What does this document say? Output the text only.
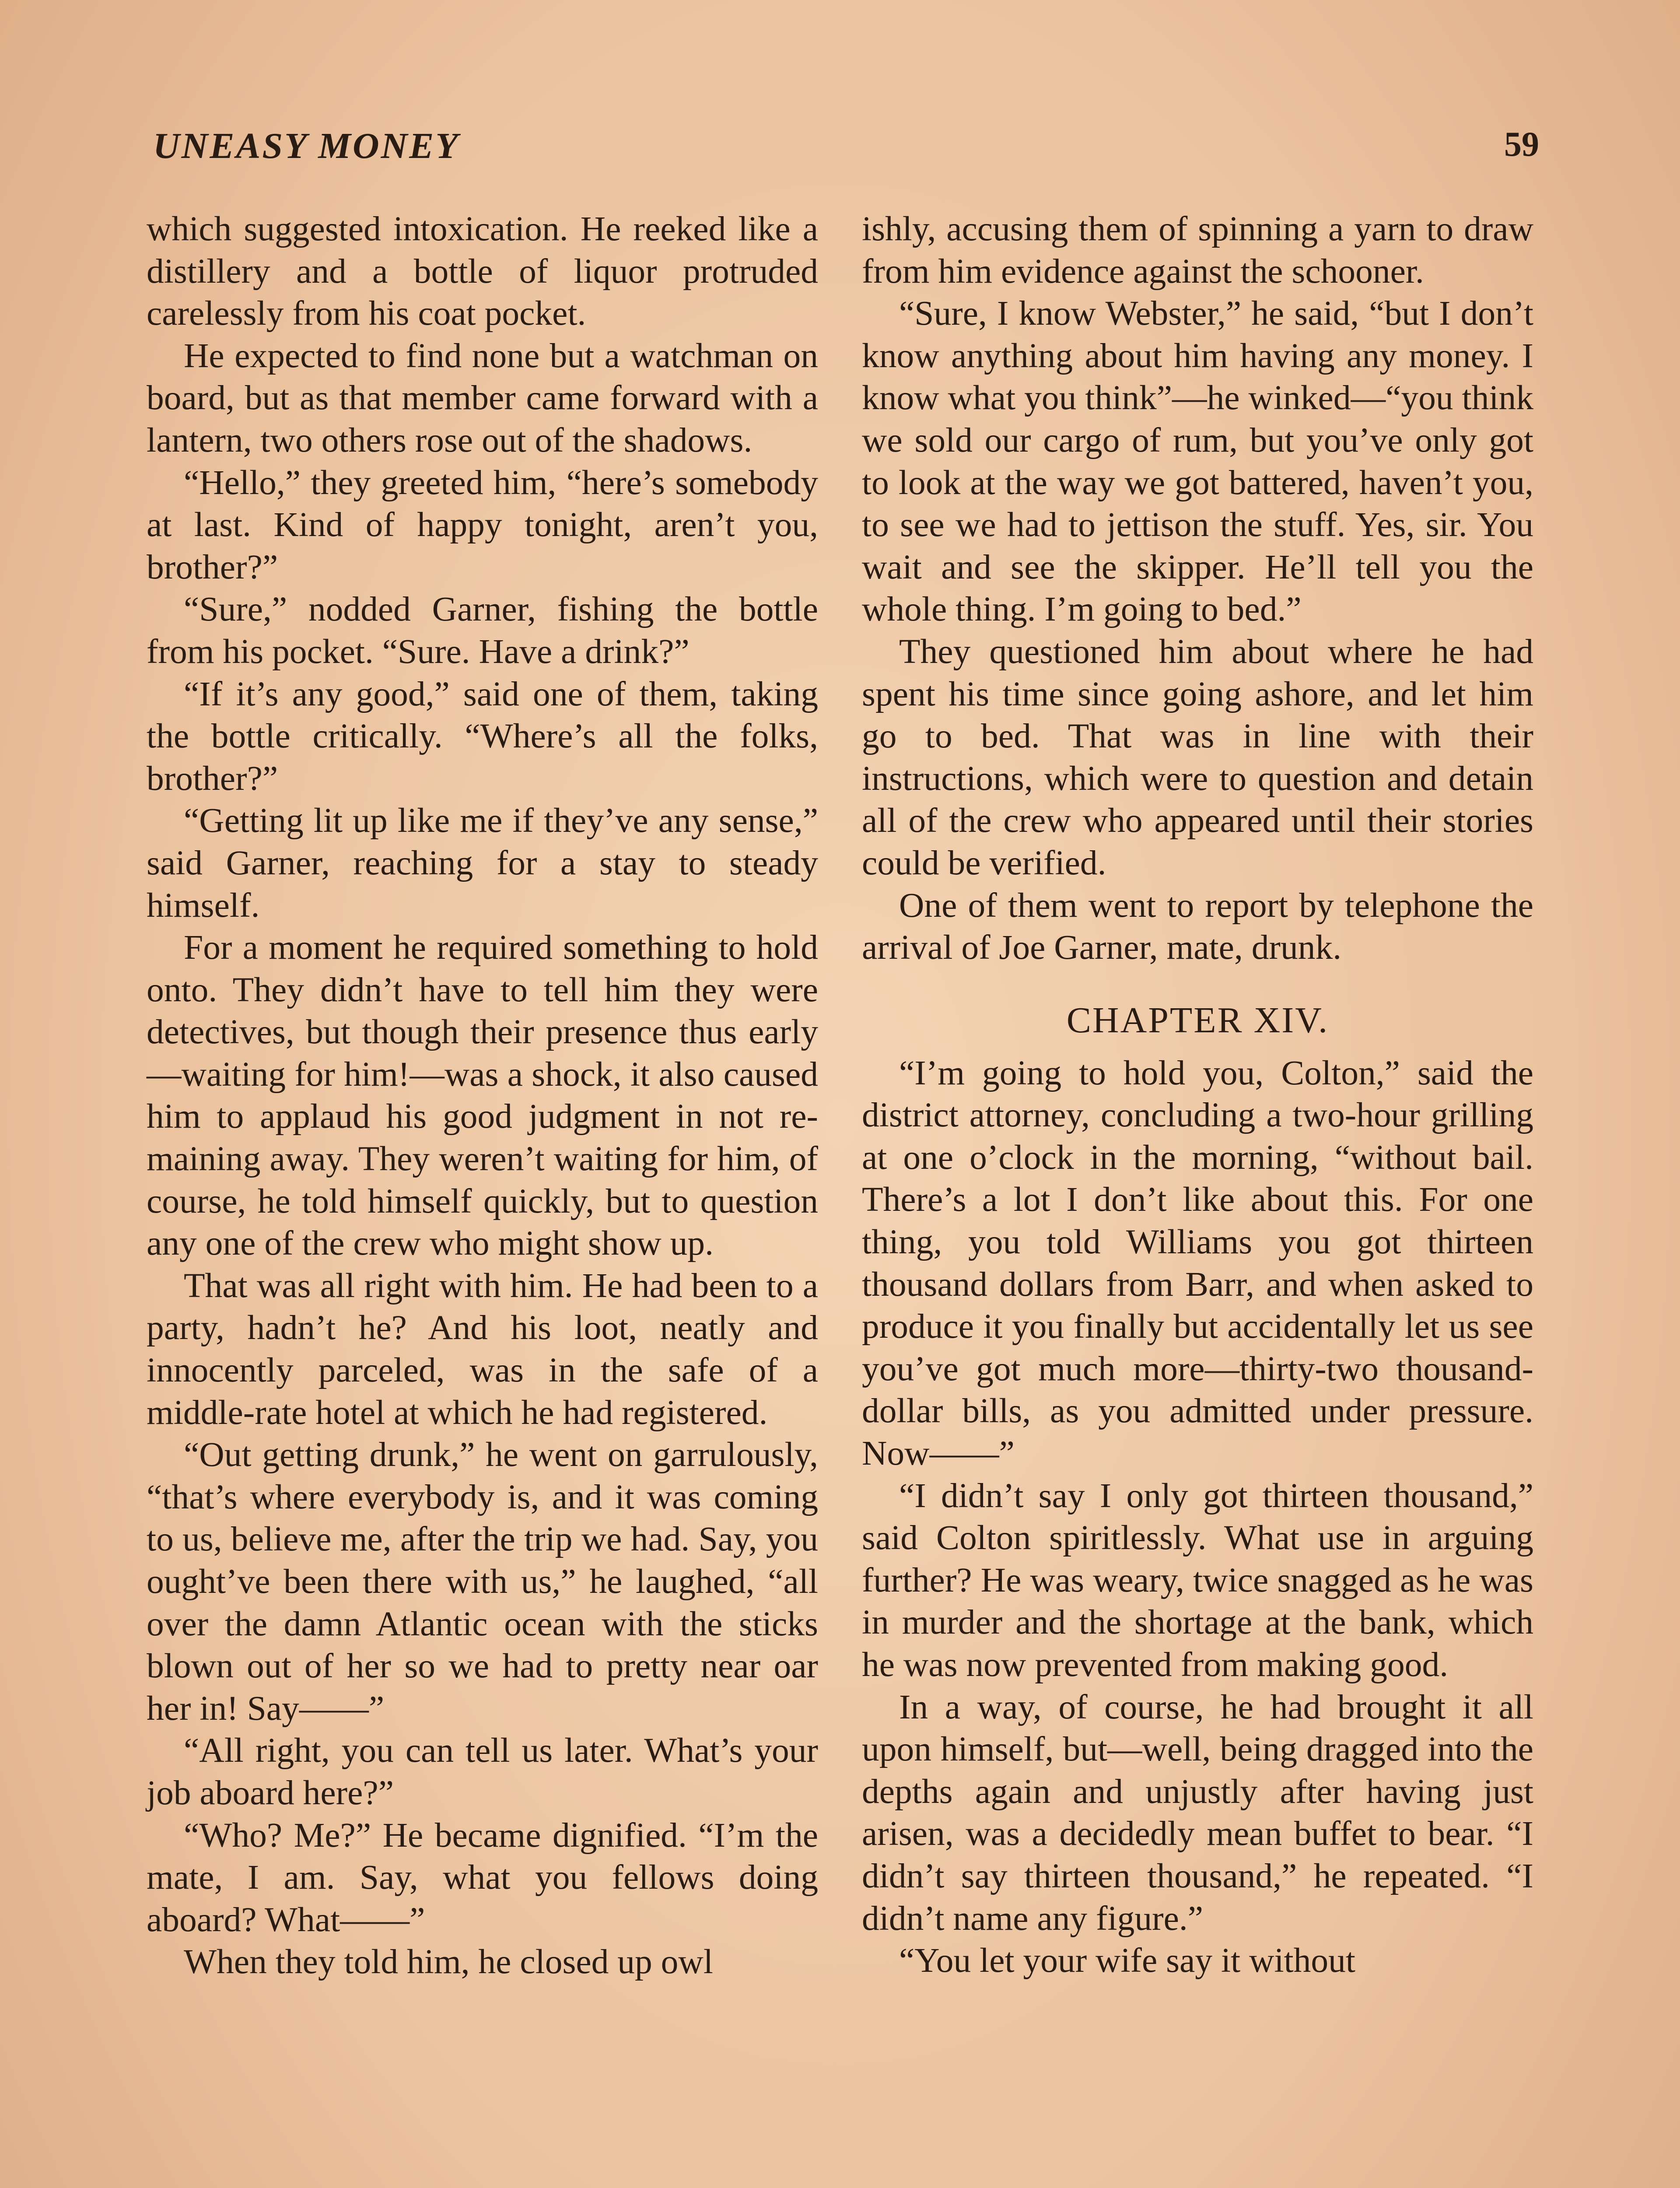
UNEASY MONEY	59

which suggested intoxication. He reeked like a distillery and a bottle of liquor protruded carelessly from his coat pocket.

He expected to find none but a watchman on board, but as that member came forward with a lantern, two others rose out of the shadows.

“Hello,” they greeted him, “here’s somebody at last. Kind of happy tonight, aren’t you, brother?”

“Sure,” nodded Garner, fishing the bottle from his pocket. “Sure. Have a drink?”

“If it’s any good,” said one of them, taking the bottle critically. “Where’s all the folks, brother?”

“Getting lit up like me if they’ve any sense,” said Garner, reaching for a stay to steady himself.

For a moment he required something to hold onto. They didn’t have to tell him they were detectives, but though their presence thus early—waiting for him!—was a shock, it also caused him to applaud his good judgment in not remaining away. They weren’t waiting for him, of course, he told himself quickly, but to question any one of the crew who might show up.

That was all right with him. He had been to a party, hadn’t he? And his loot, neatly and innocently parceled, was in the safe of a middle-rate hotel at which he had registered.

“Out getting drunk,” he went on garrulously, “that’s where everybody is, and it was coming to us, believe me, after the trip we had. Say, you ought’ve been there with us,” he laughed, “all over the damn Atlantic ocean with the sticks blown out of her so we had to pretty near oar her in! Say——”

“All right, you can tell us later. What’s your job aboard here?”

“Who? Me?” He became dignified. “I’m the mate, I am. Say, what you fellows doing aboard? What——”

When they told him, he closed up owl

ishly, accusing them of spinning a yarn to draw from him evidence against the schooner.

“Sure, I know Webster,” he said, “but I don’t know anything about him having any money. I know what you think”—he winked—“you think we sold our cargo of rum, but you’ve only got to look at the way we got battered, haven’t you, to see we had to jettison the stuff. Yes, sir. You wait and see the skipper. He’ll tell you the whole thing. I’m going to bed.”

They questioned him about where he had spent his time since going ashore, and let him go to bed. That was in line with their instructions, which were to question and detain all of the crew who appeared until their stories could be verified.

One of them went to report by telephone the arrival of Joe Garner, mate, drunk.

CHAPTER XIV.

“I’m going to hold you, Colton,” said the district attorney, concluding a two-hour grilling at one o’clock in the morning, “without bail. There’s a lot I don’t like about this. For one thing, you told Williams you got thirteen thousand dollars from Barr, and when asked to produce it you finally but accidentally let us see you’ve got much more—thirty-two thousand-dollar bills, as you admitted under pressure. Now——”

“I didn’t say I only got thirteen thousand,” said Colton spiritlessly. What use in arguing further? He was weary, twice snagged as he was in murder and the shortage at the bank, which he was now prevented from making good.

In a way, of course, he had brought it all upon himself, but—well, being dragged into the depths again and unjustly after having just arisen, was a decidedly mean buffet to bear. “I didn’t say thirteen thousand,” he repeated. “I didn’t name any figure.”

“You let your wife say it without
